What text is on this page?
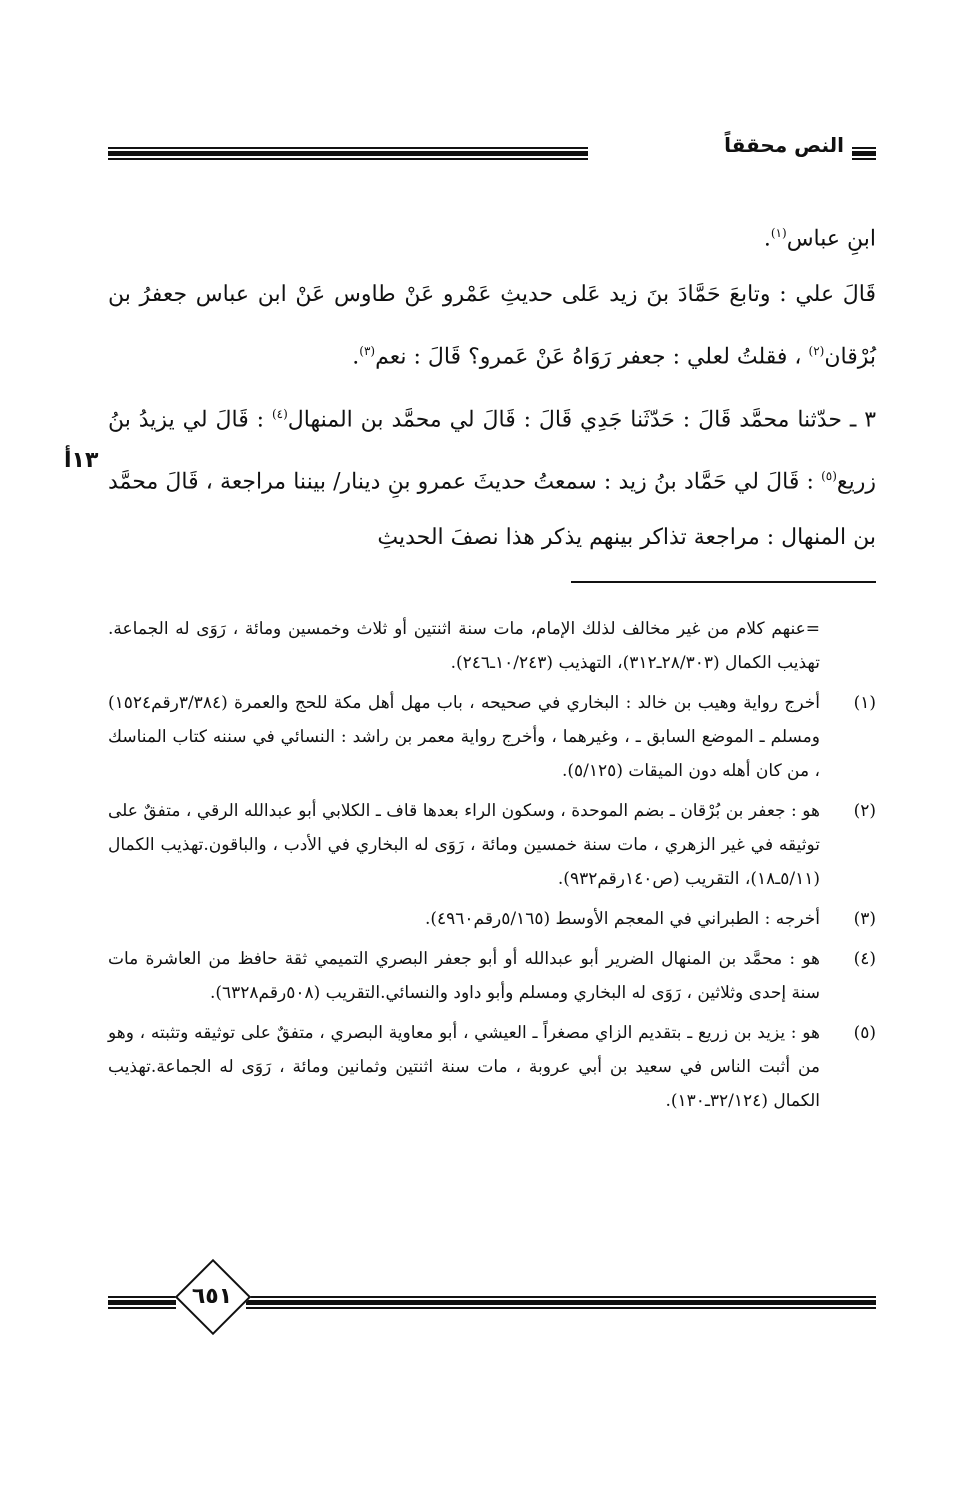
النص محققاً

ابنِ عباس$^{(١)}$.

قَالَ علي : وتابعَ حَمَّادَ بنَ زيد عَلى حديثِ عَمْرو عَنْ طاوس عَنْ ابن عباس جعفرُ بن بُرْقان$^{(٢)}$ ، فقلتُ لعلي : جعفر رَوَاهُ عَنْ عَمرو؟ قَالَ : نعم$^{(٣)}$.

٣ ـ حدّثنا محمَّد قَالَ : حَدّثَنا جَدِي قَالَ : قَالَ لي محمَّد بن المنهال$^{(٤)}$ : قَالَ لي يزيدُ بنُ زريع$^{(٥)}$ : قَالَ لي حَمَّاد بنُ زيد : سمعتُ حديثَ عمرو بنِ دينار/ بيننا مراجعة ، قَالَ محمَّد بن المنهال : مراجعة تذاكر بينهم يذكر هذا نصفَ الحديثِ

١٣أ
=عنهم كلام من غير مخالف لذلك الإمام، مات سنة اثنتين أو ثلاث وخمسين ومائة ، رَوَى له الجماعة. تهذيب الكمال (٢٨/٣٠٣ـ٣١٢)، التهذيب (١٠/٢٤٣ـ٢٤٦).
(١)
أخرج رواية وهيب بن خالد : البخاري في صحيحه ، باب مهل أهل مكة للحج والعمرة (٣/٣٨٤رقم١٥٢٤) ومسلم ـ الموضع السابق ـ ، وغيرهما ، وأخرج رواية معمر بن راشد : النسائي في سننه كتاب المناسك ، من كان أهله دون الميقات (٥/١٢٥).
(٢)
هو : جعفر بن بُرْقان ـ بضم الموحدة ، وسكون الراء بعدها قاف ـ الكلابي أبو عبدالله الرقي ، متفقٌ على توثيقه في غير الزهري ، مات سنة خمسين ومائة ، رَوَى له البخاري في الأدب ، والباقون.تهذيب الكمال (٥/١١ـ١٨)، التقريب (ص١٤٠رقم٩٣٢).
(٣)
أخرجه : الطبراني في المعجم الأوسط (٥/١٦٥رقم٤٩٦٠).
(٤)
هو : محمَّد بن المنهال الضرير أبو عبدالله أو أبو جعفر البصري التميمي ثقة حافظ من العاشرة مات سنة إحدى وثلاثين ، رَوَى له البخاري ومسلم وأبو داود والنسائي.التقريب (٥٠٨رقم٦٣٢٨).
(٥)
هو : يزيد بن زريع ـ بتقديم الزاي مصغراً ـ العيشي ، أبو معاوية البصري ، متفقٌ على توثيقه وتثبته ، وهو من أثبت الناس في سعيد بن أبي عروبة ، مات سنة اثنتين وثمانين ومائة ، رَوَى له الجماعة.تهذيب الكمال (٣٢/١٢٤ـ١٣٠).
٦٥١
